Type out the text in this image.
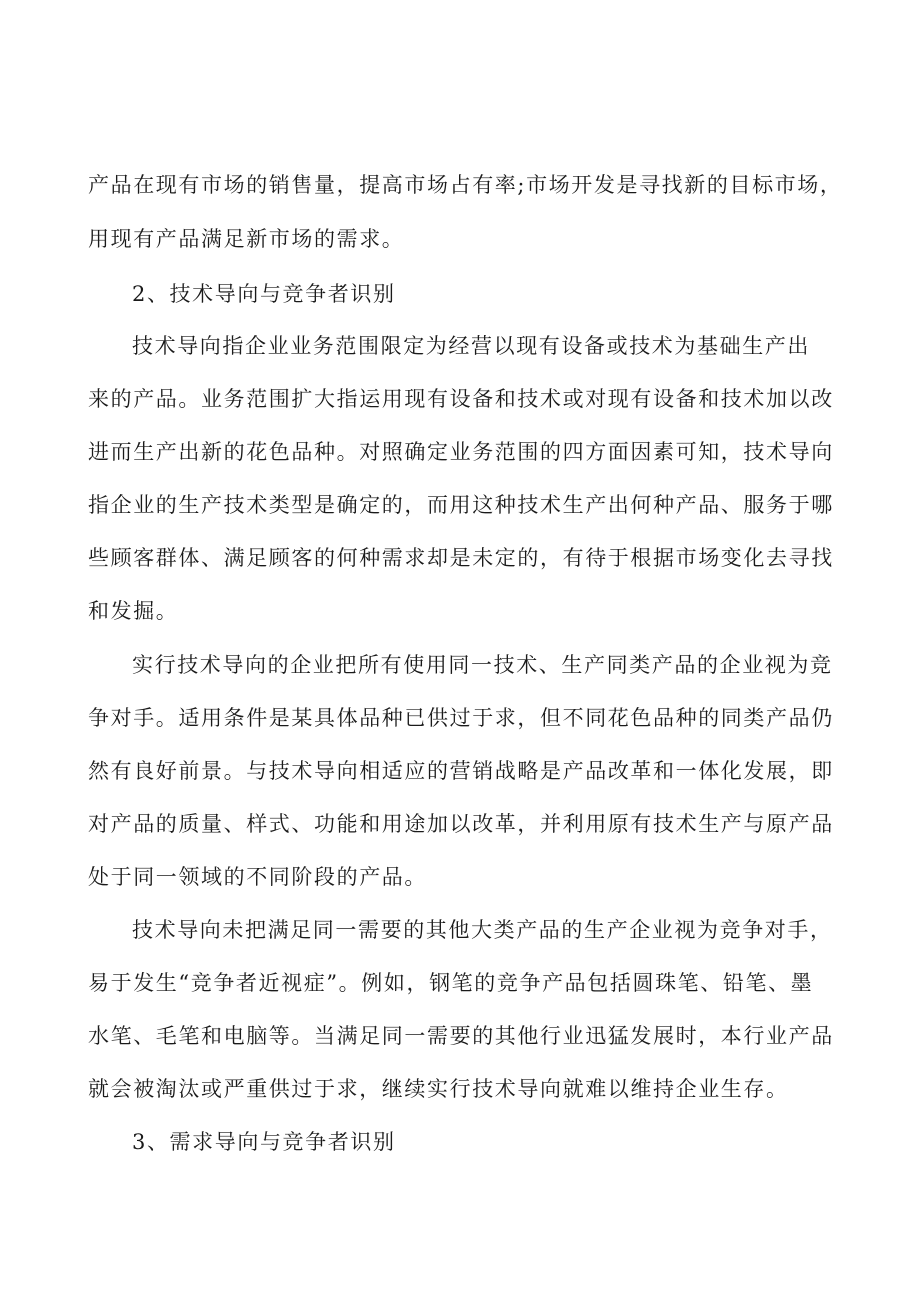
产品在现有市场的销售量，提高市场占有率;市场开发是寻找新的目标市场，
用现有产品满足新市场的需求。
2、技术导向与竞争者识别
技术导向指企业业务范围限定为经营以现有设备或技术为基础生产出
来的产品。业务范围扩大指运用现有设备和技术或对现有设备和技术加以改
进而生产出新的花色品种。对照确定业务范围的四方面因素可知，技术导向
指企业的生产技术类型是确定的，而用这种技术生产出何种产品、服务于哪
些顾客群体、满足顾客的何种需求却是未定的，有待于根据市场变化去寻找
和发掘。
实行技术导向的企业把所有使用同一技术、生产同类产品的企业视为竞
争对手。适用条件是某具体品种已供过于求，但不同花色品种的同类产品仍
然有良好前景。与技术导向相适应的营销战略是产品改革和一体化发展，即
对产品的质量、样式、功能和用途加以改革，并利用原有技术生产与原产品
处于同一领域的不同阶段的产品。
技术导向未把满足同一需要的其他大类产品的生产企业视为竞争对手，
易于发生“竞争者近视症”。例如，钢笔的竞争产品包括圆珠笔、铅笔、墨
水笔、毛笔和电脑等。当满足同一需要的其他行业迅猛发展时，本行业产品
就会被淘汰或严重供过于求，继续实行技术导向就难以维持企业生存。
3、需求导向与竞争者识别
